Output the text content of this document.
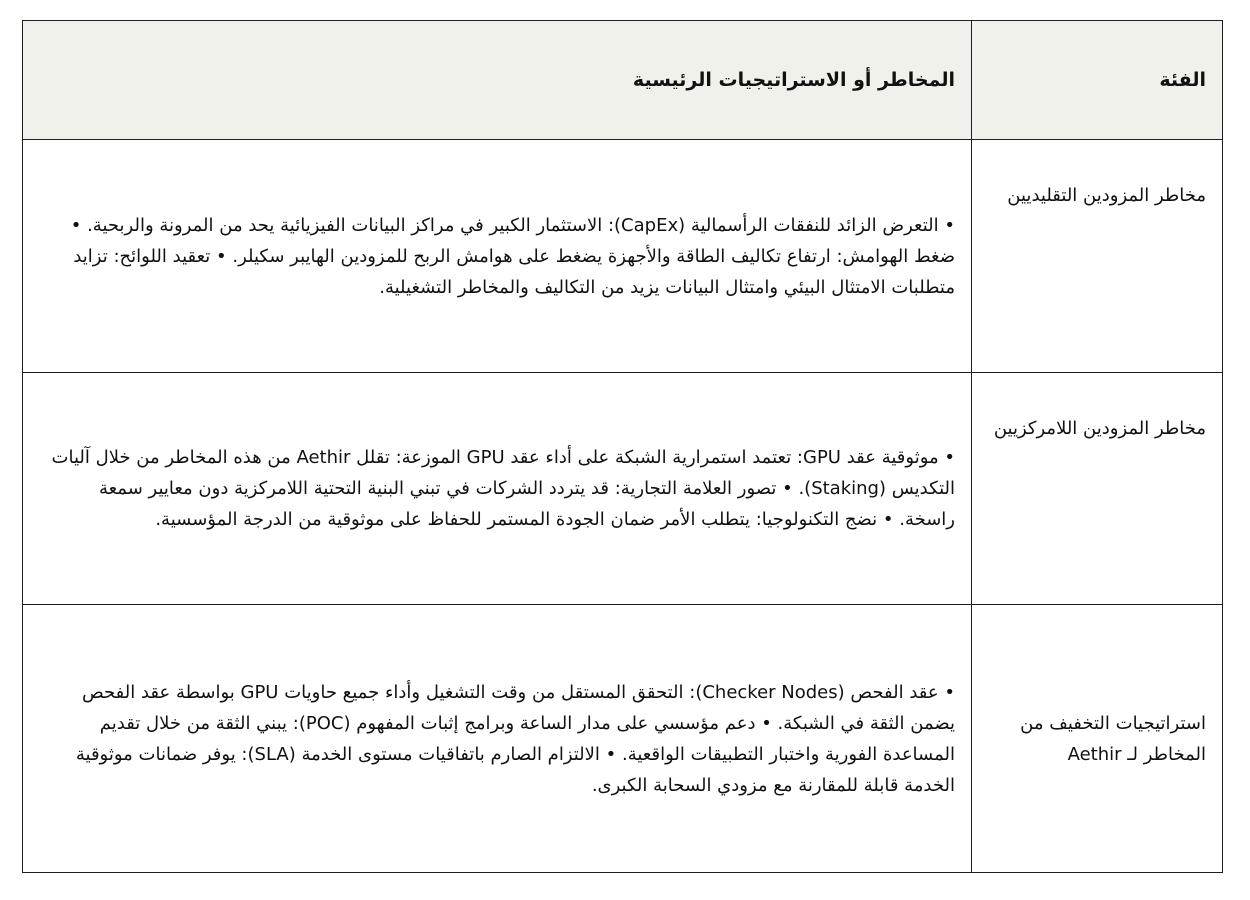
الفئة	المخاطر أو الاستراتيجيات الرئيسية

مخاطر المزودين التقليديين	• التعرض الزائد للنفقات الرأسمالية (CapEx): الاستثمار الكبير في مراكز البيانات الفيزيائية يحد من المرونة والربحية. • ضغط الهوامش: ارتفاع تكاليف الطاقة والأجهزة يضغط على هوامش الربح للمزودين الهايبر سكيلر. • تعقيد اللوائح: تزايد متطلبات الامتثال البيئي وامتثال البيانات يزيد من التكاليف والمخاطر التشغيلية.

مخاطر المزودين اللامركزيين	• موثوقية عقد GPU: تعتمد استمرارية الشبكة على أداء عقد GPU الموزعة: تقلل Aethir من هذه المخاطر من خلال آليات التكديس (Staking). • تصور العلامة التجارية: قد يتردد الشركات في تبني البنية التحتية اللامركزية دون معايير سمعة راسخة. • نضج التكنولوجيا: يتطلب الأمر ضمان الجودة المستمر للحفاظ على موثوقية من الدرجة المؤسسية.

استراتيجيات التخفيف من المخاطر لـ Aethir	• عقد الفحص (Checker Nodes): التحقق المستقل من وقت التشغيل وأداء جميع حاويات GPU بواسطة عقد الفحص يضمن الثقة في الشبكة. • دعم مؤسسي على مدار الساعة وبرامج إثبات المفهوم (POC): يبني الثقة من خلال تقديم المساعدة الفورية واختبار التطبيقات الواقعية. • الالتزام الصارم باتفاقيات مستوى الخدمة (SLA): يوفر ضمانات موثوقية الخدمة قابلة للمقارنة مع مزودي السحابة الكبرى.
